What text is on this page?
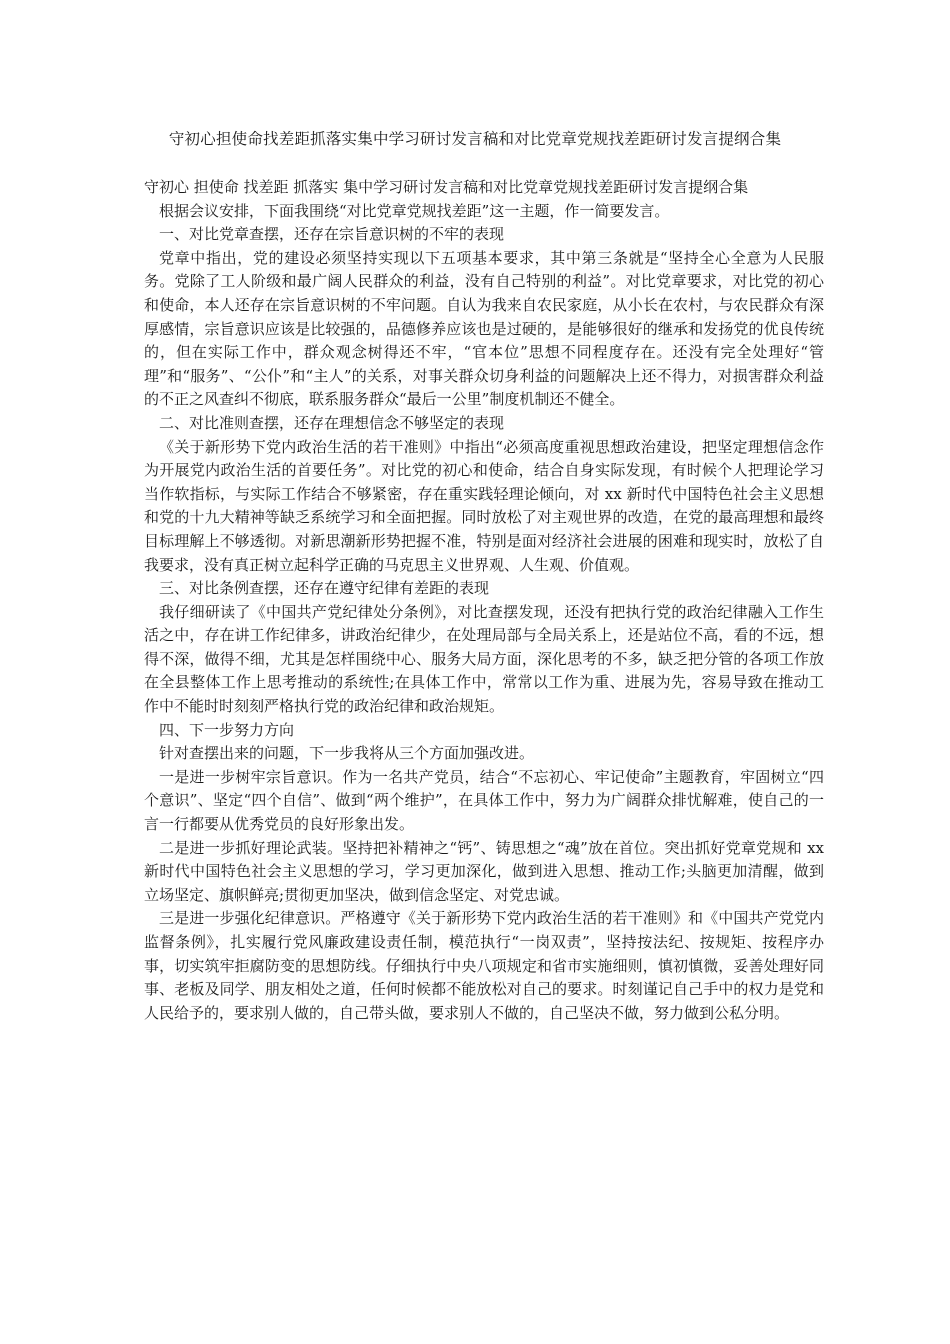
守初心担使命找差距抓落实集中学习研讨发言稿和对比党章党规找差距研讨发言提纲合集

守初心 担使命 找差距 抓落实 集中学习研讨发言稿和对比党章党规找差距研讨发言提纲合集

根据会议安排，下面我围绕“对比党章党规找差距”这一主题，作一简要发言。

一、对比党章查摆，还存在宗旨意识树的不牢的表现

党章中指出，党的建设必须坚持实现以下五项基本要求，其中第三条就是“坚持全心全意为人民服务。党除了工人阶级和最广阔人民群众的利益，没有自己特别的利益”。对比党章要求，对比党的初心和使命，本人还存在宗旨意识树的不牢问题。自认为我来自农民家庭，从小长在农村，与农民群众有深厚感情，宗旨意识应该是比较强的，品德修养应该也是过硬的，是能够很好的继承和发扬党的优良传统的，但在实际工作中，群众观念树得还不牢，“官本位”思想不同程度存在。还没有完全处理好“管理”和“服务”、“公仆”和“主人”的关系，对事关群众切身利益的问题解决上还不得力，对损害群众利益的不正之风查纠不彻底，联系服务群众“最后一公里”制度机制还不健全。

二、对比准则查摆，还存在理想信念不够坚定的表现

《关于新形势下党内政治生活的若干准则》中指出“必须高度重视思想政治建设，把坚定理想信念作为开展党内政治生活的首要任务”。对比党的初心和使命，结合自身实际发现，有时候个人把理论学习当作软指标，与实际工作结合不够紧密，存在重实践轻理论倾向，对 xx 新时代中国特色社会主义思想和党的十九大精神等缺乏系统学习和全面把握。同时放松了对主观世界的改造，在党的最高理想和最终目标理解上不够透彻。对新思潮新形势把握不准，特别是面对经济社会进展的困难和现实时，放松了自我要求，没有真正树立起科学正确的马克思主义世界观、人生观、价值观。

三、对比条例查摆，还存在遵守纪律有差距的表现

我仔细研读了《中国共产党纪律处分条例》，对比查摆发现，还没有把执行党的政治纪律融入工作生活之中，存在讲工作纪律多，讲政治纪律少，在处理局部与全局关系上，还是站位不高，看的不远，想得不深，做得不细，尤其是怎样围绕中心、服务大局方面，深化思考的不多，缺乏把分管的各项工作放在全县整体工作上思考推动的系统性;在具体工作中，常常以工作为重、进展为先，容易导致在推动工作中不能时时刻刻严格执行党的政治纪律和政治规矩。

四、下一步努力方向

针对查摆出来的问题，下一步我将从三个方面加强改进。

一是进一步树牢宗旨意识。作为一名共产党员，结合“不忘初心、牢记使命”主题教育，牢固树立“四个意识”、坚定“四个自信”、做到“两个维护”，在具体工作中，努力为广阔群众排忧解难，使自己的一言一行都要从优秀党员的良好形象出发。

二是进一步抓好理论武装。坚持把补精神之“钙”、铸思想之“魂”放在首位。突出抓好党章党规和 xx 新时代中国特色社会主义思想的学习，学习更加深化，做到进入思想、推动工作;头脑更加清醒，做到立场坚定、旗帜鲜亮;贯彻更加坚决，做到信念坚定、对党忠诚。

三是进一步强化纪律意识。严格遵守《关于新形势下党内政治生活的若干准则》和《中国共产党党内监督条例》，扎实履行党风廉政建设责任制，模范执行“一岗双责”，坚持按法纪、按规矩、按程序办事，切实筑牢拒腐防变的思想防线。仔细执行中央八项规定和省市实施细则，慎初慎微，妥善处理好同事、老板及同学、朋友相处之道，任何时候都不能放松对自己的要求。时刻谨记自己手中的权力是党和人民给予的，要求别人做的，自己带头做，要求别人不做的，自己坚决不做，努力做到公私分明。
